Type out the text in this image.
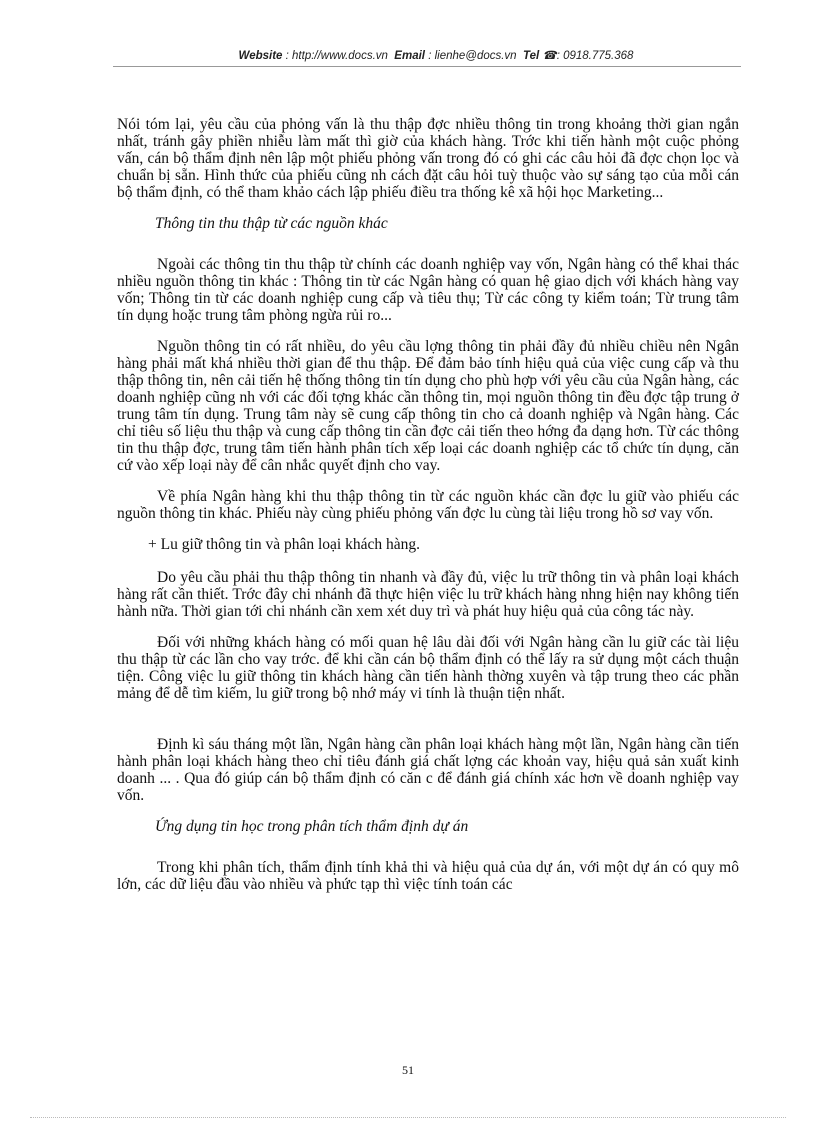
Website : http://www.docs.vn Email : lienhe@docs.vn Tel ☎: 0918.775.368

Nói tóm lại, yêu cầu của phỏng vấn là thu thập đợc nhiều thông tin trong khoảng thời gian ngắn nhất, tránh gây phiền nhiễu làm mất thì giờ của khách hàng. Trớc khi tiến hành một cuộc phỏng vấn, cán bộ thẩm định nên lập một phiếu phỏng vấn trong đó có ghi các câu hỏi đã đợc chọn lọc và chuẩn bị sẵn. Hình thức của phiếu cũng nh cách đặt câu hỏi tuỳ thuộc vào sự sáng tạo của mỗi cán bộ thẩm định, có thể tham khảo cách lập phiếu điều tra thống kê xã hội học Marketing...

Thông tin thu thập từ các nguồn khác

Ngoài các thông tin thu thập từ chính các doanh nghiệp vay vốn, Ngân hàng có thể khai thác nhiều nguồn thông tin khác : Thông tin từ các Ngân hàng có quan hệ giao dịch với khách hàng vay vốn; Thông tin từ các doanh nghiệp cung cấp và tiêu thụ; Từ các công ty kiểm toán; Từ trung tâm tín dụng hoặc trung tâm phòng ngừa rủi ro...

Nguồn thông tin có rất nhiều, do yêu cầu lợng thông tin phải đầy đủ nhiều chiều nên Ngân hàng phải mất khá nhiều thời gian để thu thập. Để đảm bảo tính hiệu quả của việc cung cấp và thu thập thông tin, nên cải tiến hệ thống thông tin tín dụng cho phù hợp với yêu cầu của Ngân hàng, các doanh nghiệp cũng nh với các đối tợng khác cần thông tin, mọi nguồn thông tin đều đợc tập trung ở trung tâm tín dụng. Trung tâm này sẽ cung cấp thông tin cho cả doanh nghiệp và Ngân hàng. Các chỉ tiêu số liệu thu thập và cung cấp thông tin cần đợc cải tiến theo hớng đa dạng hơn. Từ các thông tin thu thập đợc, trung tâm tiến hành phân tích xếp loại các doanh nghiệp các tổ chức tín dụng, căn cứ vào xếp loại này để cân nhắc quyết định cho vay.

Về phía Ngân hàng khi thu thập thông tin từ các nguồn khác cần đợc lu giữ vào phiếu các nguồn thông tin khác. Phiếu này cùng phiếu phỏng vấn đợc lu cùng tài liệu trong hồ sơ vay vốn.

+ Lu giữ thông tin và phân loại khách hàng.

Do yêu cầu phải thu thập thông tin nhanh và đầy đủ, việc lu trữ thông tin và phân loại khách hàng rất cần thiết. Trớc đây chi nhánh đã thực hiện việc lu trữ khách hàng nhng hiện nay không tiến hành nữa. Thời gian tới chi nhánh cần xem xét duy trì và phát huy hiệu quả của công tác này.

Đối với những khách hàng có mối quan hệ lâu dài đối với Ngân hàng cần lu giữ các tài liệu thu thập từ các lần cho vay trớc. để khi cần cán bộ thẩm định có thể lấy ra sử dụng một cách thuận tiện. Công việc lu giữ thông tin khách hàng cần tiến hành thờng xuyên và tập trung theo các phần mảng để dễ tìm kiếm, lu giữ trong bộ nhớ máy vi tính là thuận tiện nhất.

Định kì sáu tháng một lần, Ngân hàng cần phân loại khách hàng một lần, Ngân hàng cần tiến hành phân loại khách hàng theo chỉ tiêu đánh giá chất lợng các khoản vay, hiệu quả sản xuất kinh doanh ... . Qua đó giúp cán bộ thẩm định có căn c để đánh giá chính xác hơn về doanh nghiệp vay vốn.

Ứng dụng tin học trong phân tích thẩm định dự án

Trong khi phân tích, thẩm định tính khả thi và hiệu quả của dự án, với một dự án có quy mô lớn, các dữ liệu đầu vào nhiều và phức tạp thì việc tính toán các

51
